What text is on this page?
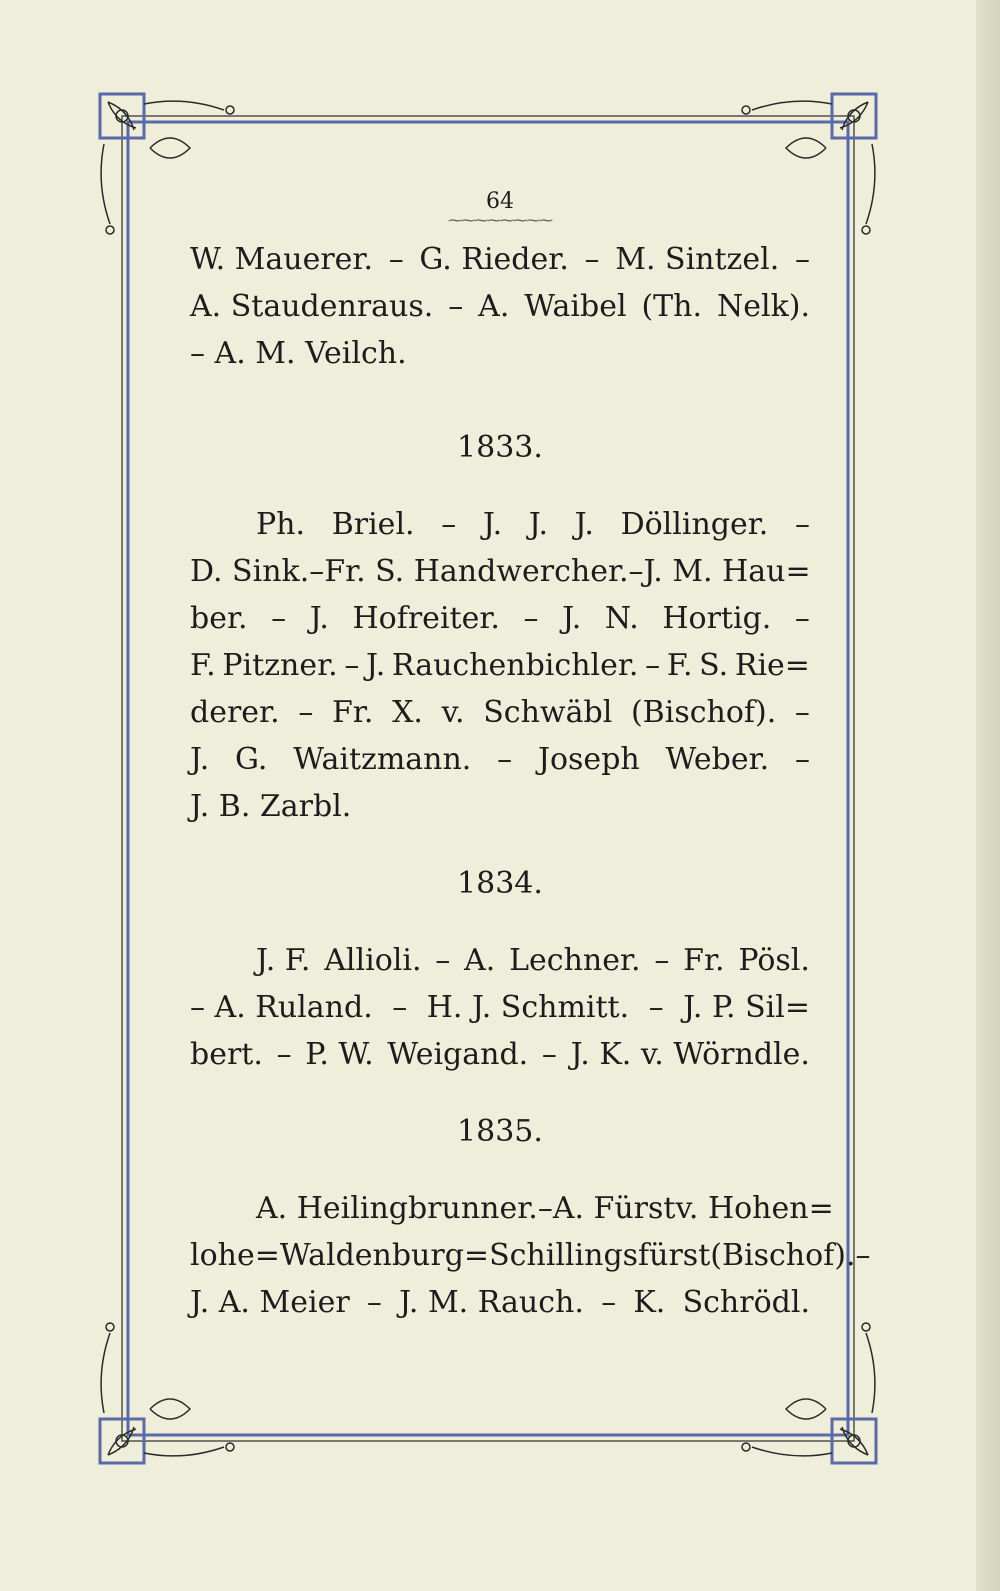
64
⁓⁓⁓⁓⁓⁓⁓⁓
W. Mauerer. – G. Rieder. – M. Sintzel. –
A. Staudenraus. – A. Waibel (Th. Nelk).
–
A.
M.
Veilch.
1833.
Ph. Briel. – J. J. J. Döllinger. –
D. Sink. – Fr. S. Handwercher. – J. M. Hau=
ber. – J. Hofreiter. – J. N. Hortig. –
F. Pitzner. – J. Rauchenbichler. – F. S. Rie=
derer. – Fr. X. v. Schwäbl (Bischof). –
J. G. Waitzmann. – Joseph Weber. –
J.
B.
Zarbl.
1834.
J. F. Allioli. – A. Lechner. – Fr. Pösl.
– A. Ruland. – H. J. Schmitt. – J. P. Sil=
bert. – P. W. Weigand. – J. K. v. Wörndle.
1835.
A. Heilingbrunner. – A. Fürst v. Hohen=
lohe=Waldenburg=Schillingsfürst (Bischof). –
J. A. Meier – J. M. Rauch. – K. Schrödl.
